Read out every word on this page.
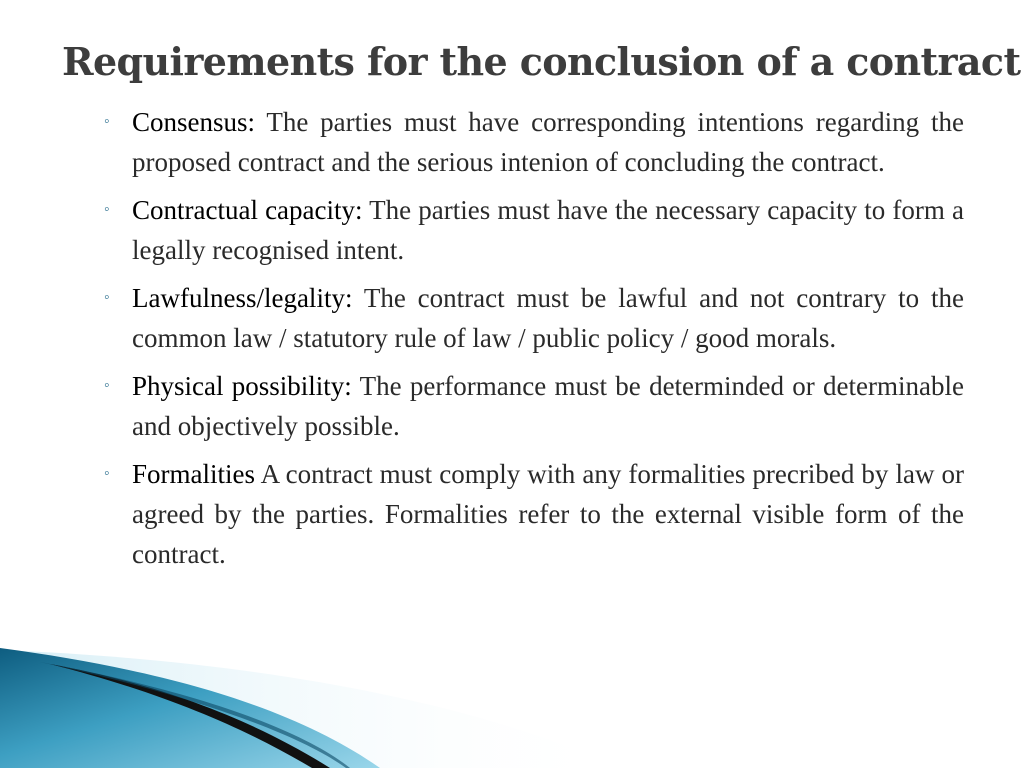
Requirements for the conclusion of a contract
◦ Consensus: The parties must have corresponding intentions regarding the proposed contract and the serious intenion of concluding the contract.
◦ Contractual capacity: The parties must have the necessary capacity to form a legally recognised intent.
◦ Lawfulness/legality: The contract must be lawful and not contrary to the common law / statutory rule of law / public policy / good morals.
◦ Physical possibility: The performance must be determinded or determinable and objectively possible.
◦ Formalities A contract must comply with any formalities precribed by law or agreed by the parties. Formalities refer to the external visible form of the contract.
